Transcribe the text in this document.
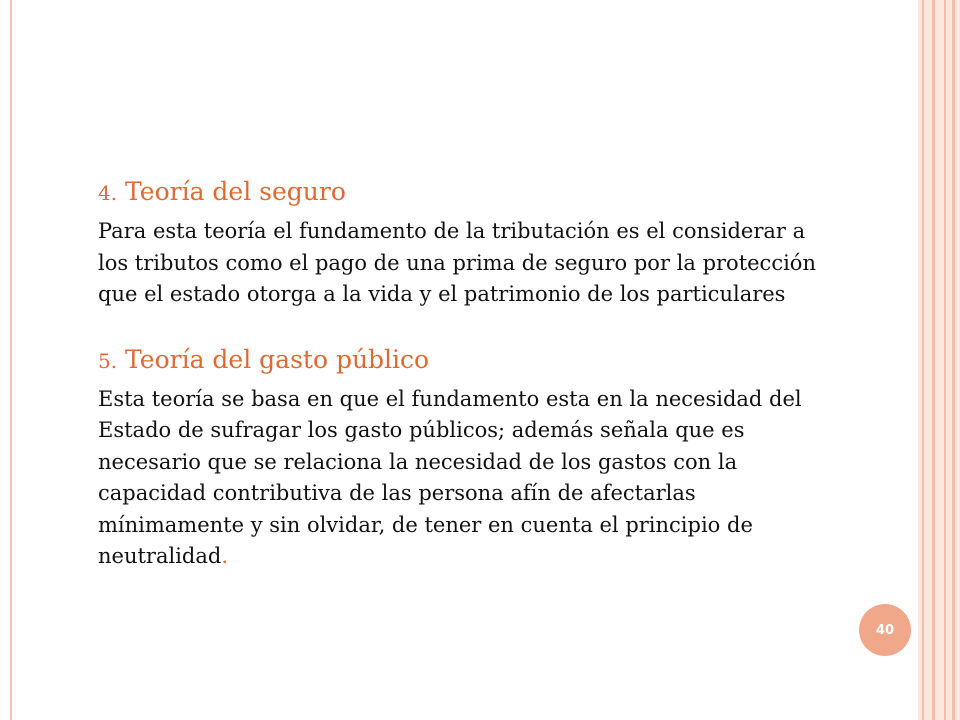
4. Teoría del seguro

Para esta teoría el fundamento de la tributación es el considerar a los tributos como el pago de una prima de seguro por la protección que el estado otorga a la vida y el patrimonio de los particulares

5. Teoría del gasto público

Esta teoría se basa en que el fundamento esta en la necesidad del Estado de sufragar los gasto públicos; además señala que es necesario que se relaciona la necesidad de los gastos con la capacidad contributiva de las persona afín de afectarlas mínimamente y sin olvidar, de tener en cuenta el principio de neutralidad.

40
